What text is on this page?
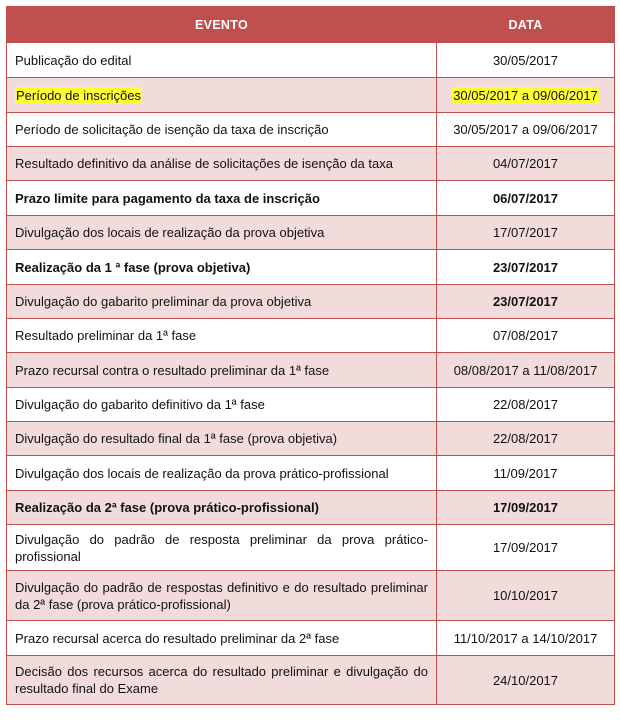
EVENTO	DATA
Publicação do edital	30/05/2017
Período de inscrições	30/05/2017 a 09/06/2017
Período de solicitação de isenção da taxa de inscrição	30/05/2017 a 09/06/2017
Resultado definitivo da análise de solicitações de isenção da taxa	04/07/2017
Prazo limite para pagamento da taxa de inscrição	06/07/2017
Divulgação dos locais de realização da prova objetiva	17/07/2017
Realização da 1 ª fase (prova objetiva)	23/07/2017
Divulgação do gabarito preliminar da prova objetiva	23/07/2017
Resultado preliminar da 1ª fase	07/08/2017
Prazo recursal contra o resultado preliminar da 1ª fase	08/08/2017 a 11/08/2017
Divulgação do gabarito definitivo da 1ª fase	22/08/2017
Divulgação do resultado final da 1ª fase (prova objetiva)	22/08/2017
Divulgação dos locais de realização da prova prático-profissional	11/09/2017
Realização da 2ª fase (prova prático-profissional)	17/09/2017
Divulgação do padrão de resposta preliminar da prova prático-profissional	17/09/2017
Divulgação do padrão de respostas definitivo e do resultado preliminar da 2ª fase (prova prático-profissional)	10/10/2017
Prazo recursal acerca do resultado preliminar da 2ª fase	11/10/2017 a 14/10/2017
Decisão dos recursos acerca do resultado preliminar e divulgação do resultado final do Exame	24/10/2017
